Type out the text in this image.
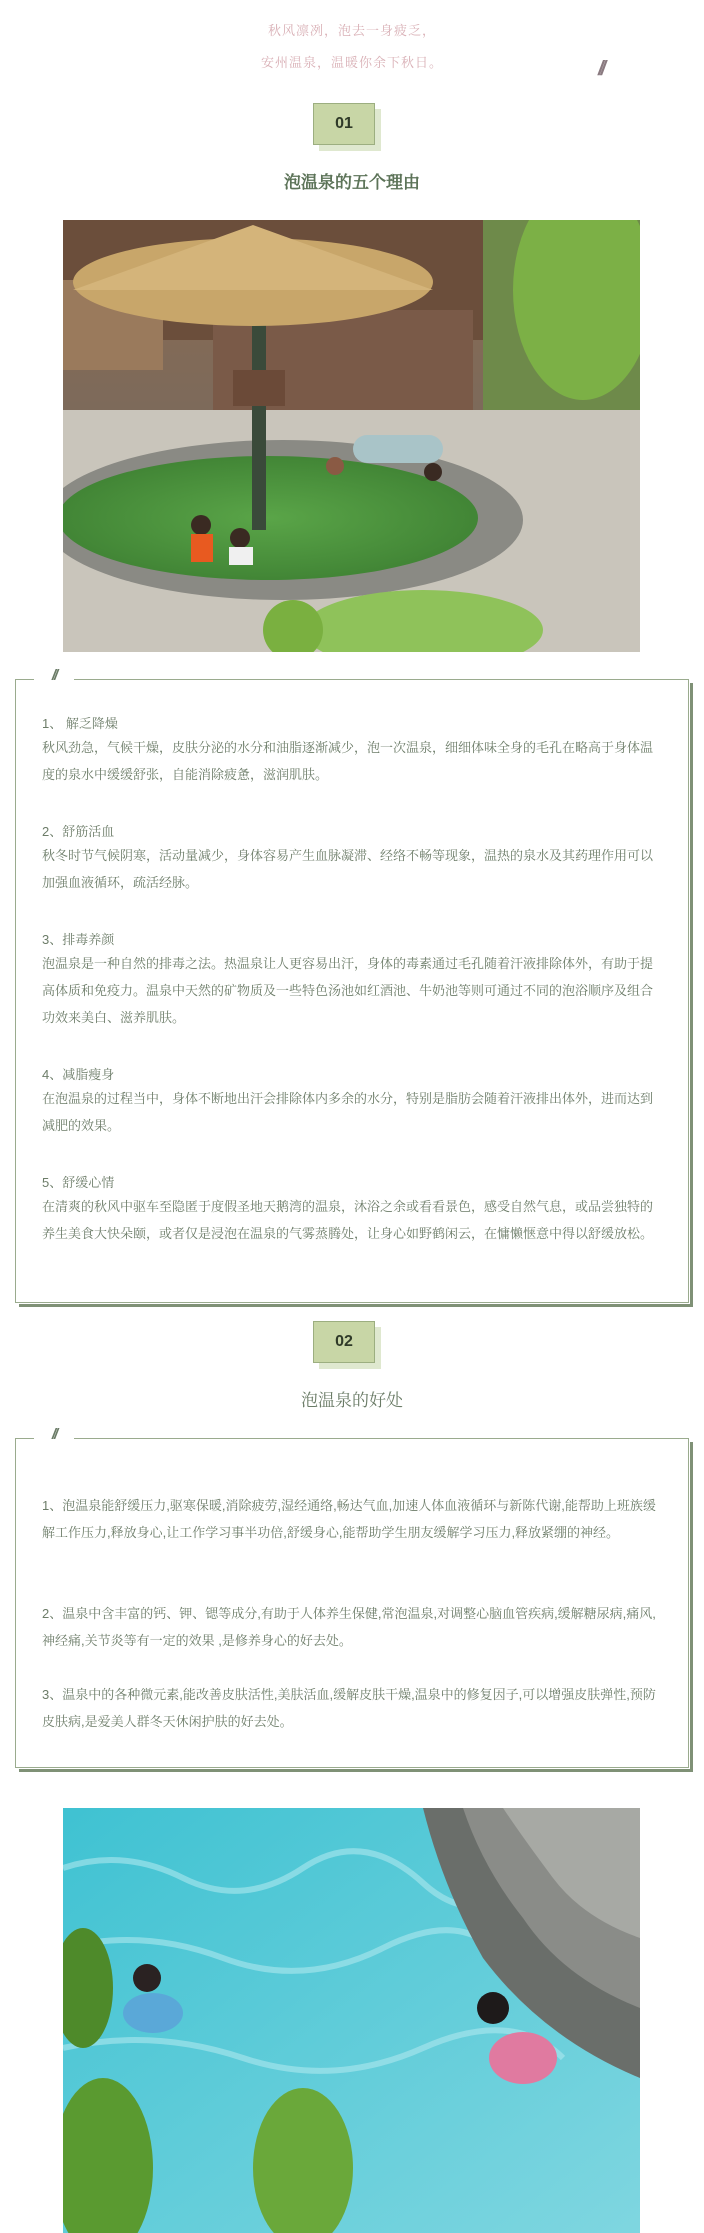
秋风凛冽，泡去一身疲乏，
安州温泉，温暖你余下秋日。	//
01
泡温泉的五个理由
//
1、 解乏降燥
秋风劲急，气候干燥，皮肤分泌的水分和油脂逐渐减少，泡一次温泉，细细体味全身的毛孔在略高于身体温度的泉水中缓缓舒张，自能消除疲惫，滋润肌肤。
2、舒筋活血
秋冬时节气候阴寒，活动量减少，身体容易产生血脉凝滞、经络不畅等现象，温热的泉水及其药理作用可以加强血液循环，疏活经脉。
3、排毒养颜
泡温泉是一种自然的排毒之法。热温泉让人更容易出汗，身体的毒素通过毛孔随着汗液排除体外，有助于提高体质和免疫力。温泉中天然的矿物质及一些特色汤池如红酒池、牛奶池等则可通过不同的泡浴顺序及组合功效来美白、滋养肌肤。
4、减脂瘦身
在泡温泉的过程当中，身体不断地出汗会排除体内多余的水分，特别是脂肪会随着汗液排出体外，进而达到减肥的效果。
5、舒缓心情
在清爽的秋风中驱车至隐匿于度假圣地天鹅湾的温泉，沐浴之余或看看景色，感受自然气息，或品尝独特的养生美食大快朵颐，或者仅是浸泡在温泉的气雾蒸腾处，让身心如野鹤闲云，在慵懒惬意中得以舒缓放松。
02
泡温泉的好处
//
1、泡温泉能舒缓压力,驱寒保暖,消除疲劳,湿经通络,畅达气血,加速人体血液循环与新陈代谢,能帮助上班族缓解工作压力,释放身心,让工作学习事半功倍,舒缓身心,能帮助学生朋友缓解学习压力,释放紧绷的神经。
2、温泉中含丰富的钙、钾、锶等成分,有助于人体养生保健,常泡温泉,对调整心脑血管疾病,缓解糖尿病,痛风,神经痛,关节炎等有一定的效果 ,是修养身心的好去处。
3、温泉中的各种微元素,能改善皮肤活性,美肤活血,缓解皮肤干燥,温泉中的修复因子,可以增强皮肤弹性,预防皮肤病,是爱美人群冬天休闲护肤的好去处。
